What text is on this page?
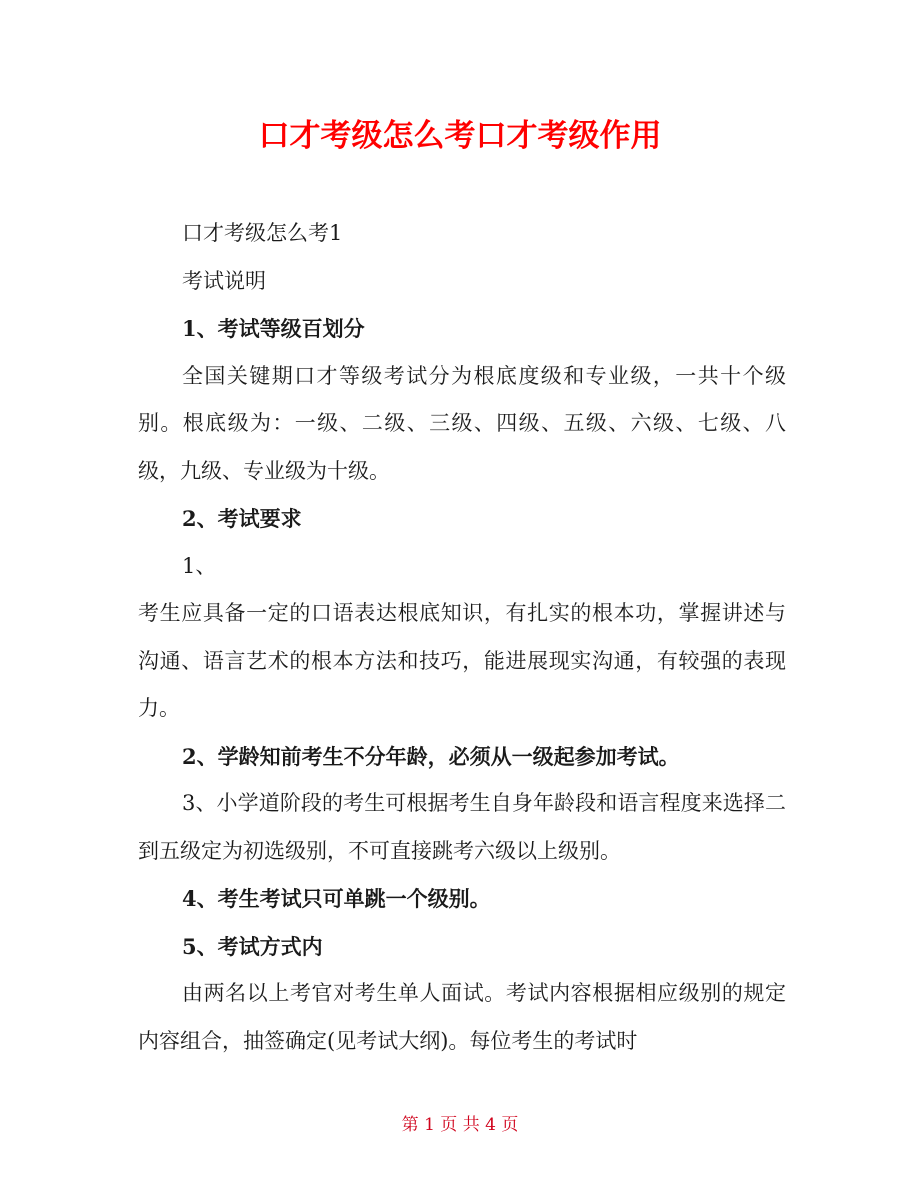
口才考级怎么考口才考级作用

口才考级怎么考1

考试说明

1、考试等级百划分

全国关键期口才等级考试分为根底度级和专业级，一共十个级别。根底级为：一级、二级、三级、四级、五级、六级、七级、八级，九级、专业级为十级。

2、考试要求

1、

考生应具备一定的口语表达根底知识，有扎实的根本功，掌握讲述与沟通、语言艺术的根本方法和技巧，能进展现实沟通，有较强的表现力。

2、学龄知前考生不分年龄，必须从一级起参加考试。

3、小学道阶段的考生可根据考生自身年龄段和语言程度来选择二到五级定为初选级别，不可直接跳考六级以上级别。

4、考生考试只可单跳一个级别。

5、考试方式内

由两名以上考官对考生单人面试。考试内容根据相应级别的规定内容组合，抽签确定(见考试大纲)。每位考生的考试时

第 1 页 共 4 页
